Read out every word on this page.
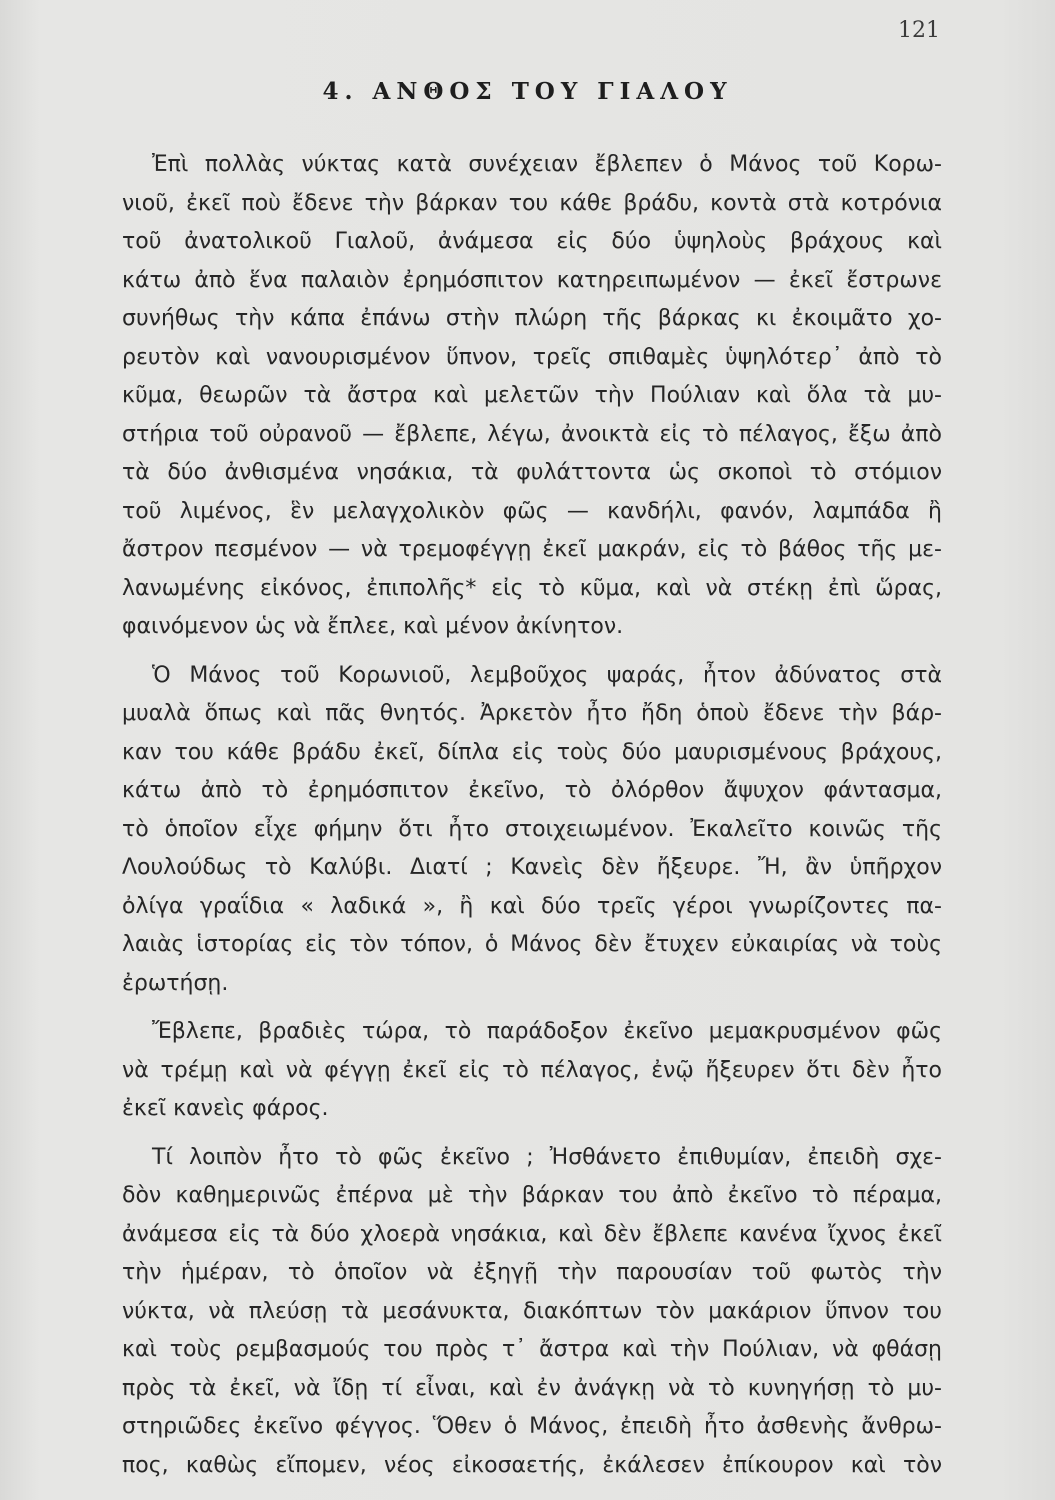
121
4. ΑΝΘΟΣ ΤΟΥ ΓΙΑΛΟΥ
Ἐπὶ πολλὰς νύκτας κατὰ συνέχειαν ἔβλεπεν ὁ Μάνος τοῦ Κορω-
νιοῦ, ἐκεῖ ποὺ ἔδενε τὴν βάρκαν του κάθε βράδυ, κοντὰ στὰ κοτρόνια
τοῦ ἀνατολικοῦ Γιαλοῦ, ἀνάμεσα εἰς δύο ὑψηλοὺς βράχους καὶ
κάτω ἀπὸ ἕνα παλαιὸν ἐρημόσπιτον κατηρειπωμένον — ἐκεῖ ἔστρωνε
συνήθως τὴν κάπα ἐπάνω στὴν πλώρη τῆς βάρκας κι ἐκοιμᾶτο χο-
ρευτὸν καὶ νανουρισμένον ὕπνον, τρεῖς σπιθαμὲς ὑψηλότερ᾽ ἀπὸ τὸ
κῦμα, θεωρῶν τὰ ἄστρα καὶ μελετῶν τὴν Πούλιαν καὶ ὅλα τὰ μυ-
στήρια τοῦ οὐρανοῦ — ἔβλεπε, λέγω, ἀνοικτὰ εἰς τὸ πέλαγος, ἔξω ἀπὸ
τὰ δύο ἀνθισμένα νησάκια, τὰ φυλάττοντα ὡς σκοποὶ τὸ στόμιον
τοῦ λιμένος, ἓν μελαγχολικὸν φῶς — κανδήλι, φανόν, λαμπάδα ἢ
ἄστρον πεσμένον — νὰ τρεμοφέγγῃ ἐκεῖ μακράν, εἰς τὸ βάθος τῆς με-
λανωμένης εἰκόνος, ἐπιπολῆς* εἰς τὸ κῦμα, καὶ νὰ στέκῃ ἐπὶ ὥρας,
φαινόμενον ὡς νὰ ἔπλεε, καὶ μένον ἀκίνητον.
Ὁ Μάνος τοῦ Κορωνιοῦ, λεμβοῦχος ψαράς, ἦτον ἀδύνατος στὰ
μυαλὰ ὅπως καὶ πᾶς θνητός. Ἀρκετὸν ἦτο ἤδη ὁποὺ ἔδενε τὴν βάρ-
καν του κάθε βράδυ ἐκεῖ, δίπλα εἰς τοὺς δύο μαυρισμένους βράχους,
κάτω ἀπὸ τὸ ἐρημόσπιτον ἐκεῖνο, τὸ ὀλόρθον ἄψυχον φάντασμα,
τὸ ὁποῖον εἶχε φήμην ὅτι ἦτο στοιχειωμένον. Ἐκαλεῖτο κοινῶς τῆς
Λουλούδως τὸ Καλύβι. Διατί ; Κανεὶς δὲν ἤξευρε. Ἤ, ἂν ὑπῆρχον
ὀλίγα γραΐδια « λαδικά », ἢ καὶ δύο τρεῖς γέροι γνωρίζοντες πα-
λαιὰς ἱστορίας εἰς τὸν τόπον, ὁ Μάνος δὲν ἔτυχεν εὐκαιρίας νὰ τοὺς
ἐρωτήσῃ.
Ἔβλεπε, βραδιὲς τώρα, τὸ παράδοξον ἐκεῖνο μεμακρυσμένον φῶς
νὰ τρέμῃ καὶ νὰ φέγγῃ ἐκεῖ εἰς τὸ πέλαγος, ἐνῷ ἤξευρεν ὅτι δὲν ἦτο
ἐκεῖ κανεὶς φάρος.
Τί λοιπὸν ἦτο τὸ φῶς ἐκεῖνο ; Ἠσθάνετο ἐπιθυμίαν, ἐπειδὴ σχε-
δὸν καθημερινῶς ἐπέρνα μὲ τὴν βάρκαν του ἀπὸ ἐκεῖνο τὸ πέραμα,
ἀνάμεσα εἰς τὰ δύο χλοερὰ νησάκια, καὶ δὲν ἔβλεπε κανένα ἴχνος ἐκεῖ
τὴν ἡμέραν, τὸ ὁποῖον νὰ ἐξηγῇ τὴν παρουσίαν τοῦ φωτὸς τὴν
νύκτα, νὰ πλεύσῃ τὰ μεσάνυκτα, διακόπτων τὸν μακάριον ὕπνον του
καὶ τοὺς ρεμβασμούς του πρὸς τ᾽ ἄστρα καὶ τὴν Πούλιαν, νὰ φθάσῃ
πρὸς τὰ ἐκεῖ, νὰ ἴδῃ τί εἶναι, καὶ ἐν ἀνάγκῃ νὰ τὸ κυνηγήσῃ τὸ μυ-
στηριῶδες ἐκεῖνο φέγγος. Ὅθεν ὁ Μάνος, ἐπειδὴ ἦτο ἀσθενὴς ἄνθρω-
πος, καθὼς εἴπομεν, νέος εἰκοσαετής, ἐκάλεσεν ἐπίκουρον καὶ τὸν
